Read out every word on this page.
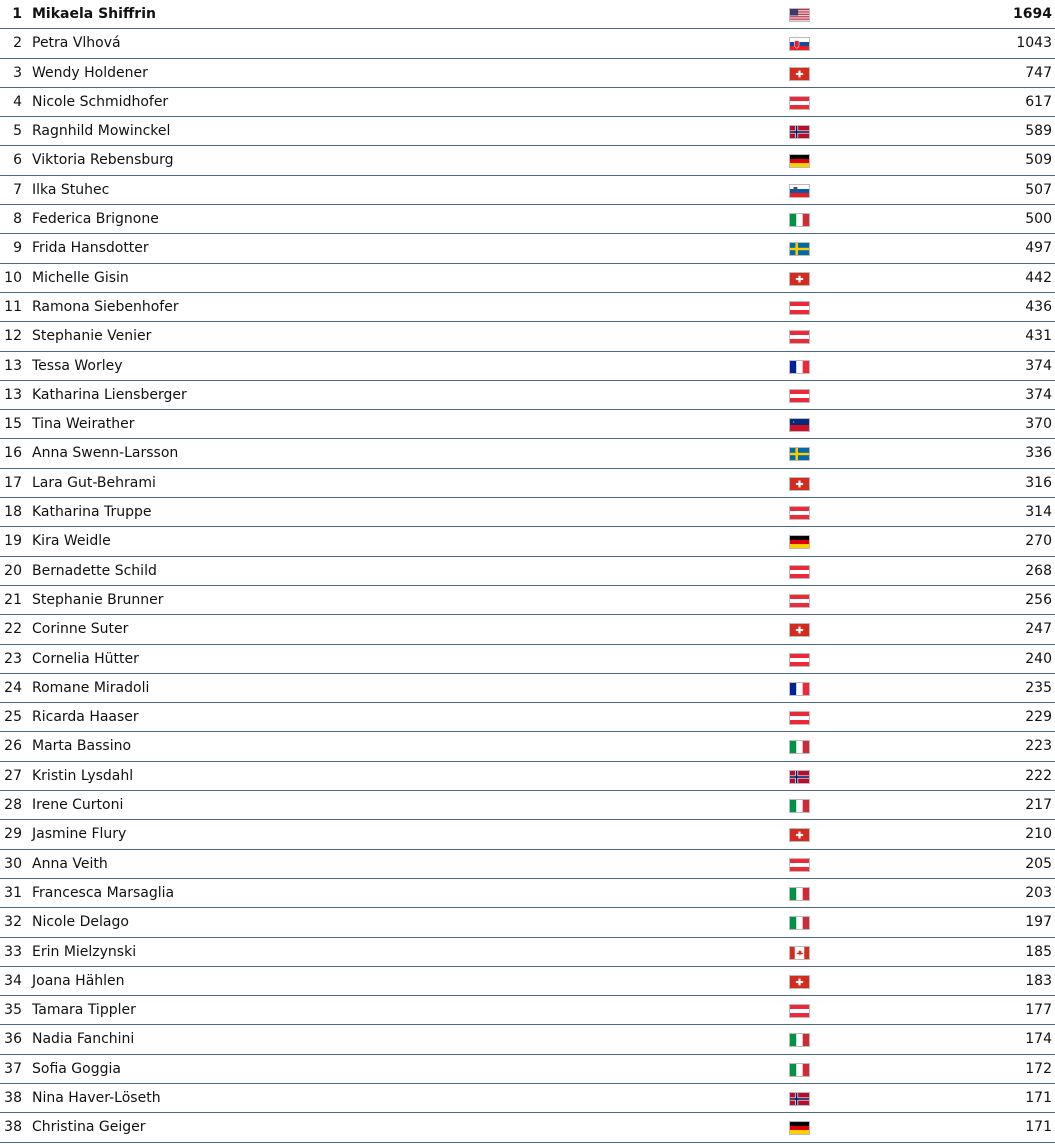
1 Mikaela Shiffrin	1694
2 Petra Vlhová	1043
3 Wendy Holdener	747
4 Nicole Schmidhofer	617
5 Ragnhild Mowinckel	589
6 Viktoria Rebensburg	509
7 Ilka Stuhec	507
8 Federica Brignone	500
9 Frida Hansdotter	497
10 Michelle Gisin	442
11 Ramona Siebenhofer	436
12 Stephanie Venier	431
13 Tessa Worley	374
13 Katharina Liensberger	374
15 Tina Weirather	370
16 Anna Swenn-Larsson	336
17 Lara Gut-Behrami	316
18 Katharina Truppe	314
19 Kira Weidle	270
20 Bernadette Schild	268
21 Stephanie Brunner	256
22 Corinne Suter	247
23 Cornelia Hütter	240
24 Romane Miradoli	235
25 Ricarda Haaser	229
26 Marta Bassino	223
27 Kristin Lysdahl	222
28 Irene Curtoni	217
29 Jasmine Flury	210
30 Anna Veith	205
31 Francesca Marsaglia	203
32 Nicole Delago	197
33 Erin Mielzynski	185
34 Joana Hählen	183
35 Tamara Tippler	177
36 Nadia Fanchini	174
37 Sofia Goggia	172
38 Nina Haver-Löseth	171
38 Christina Geiger	171
